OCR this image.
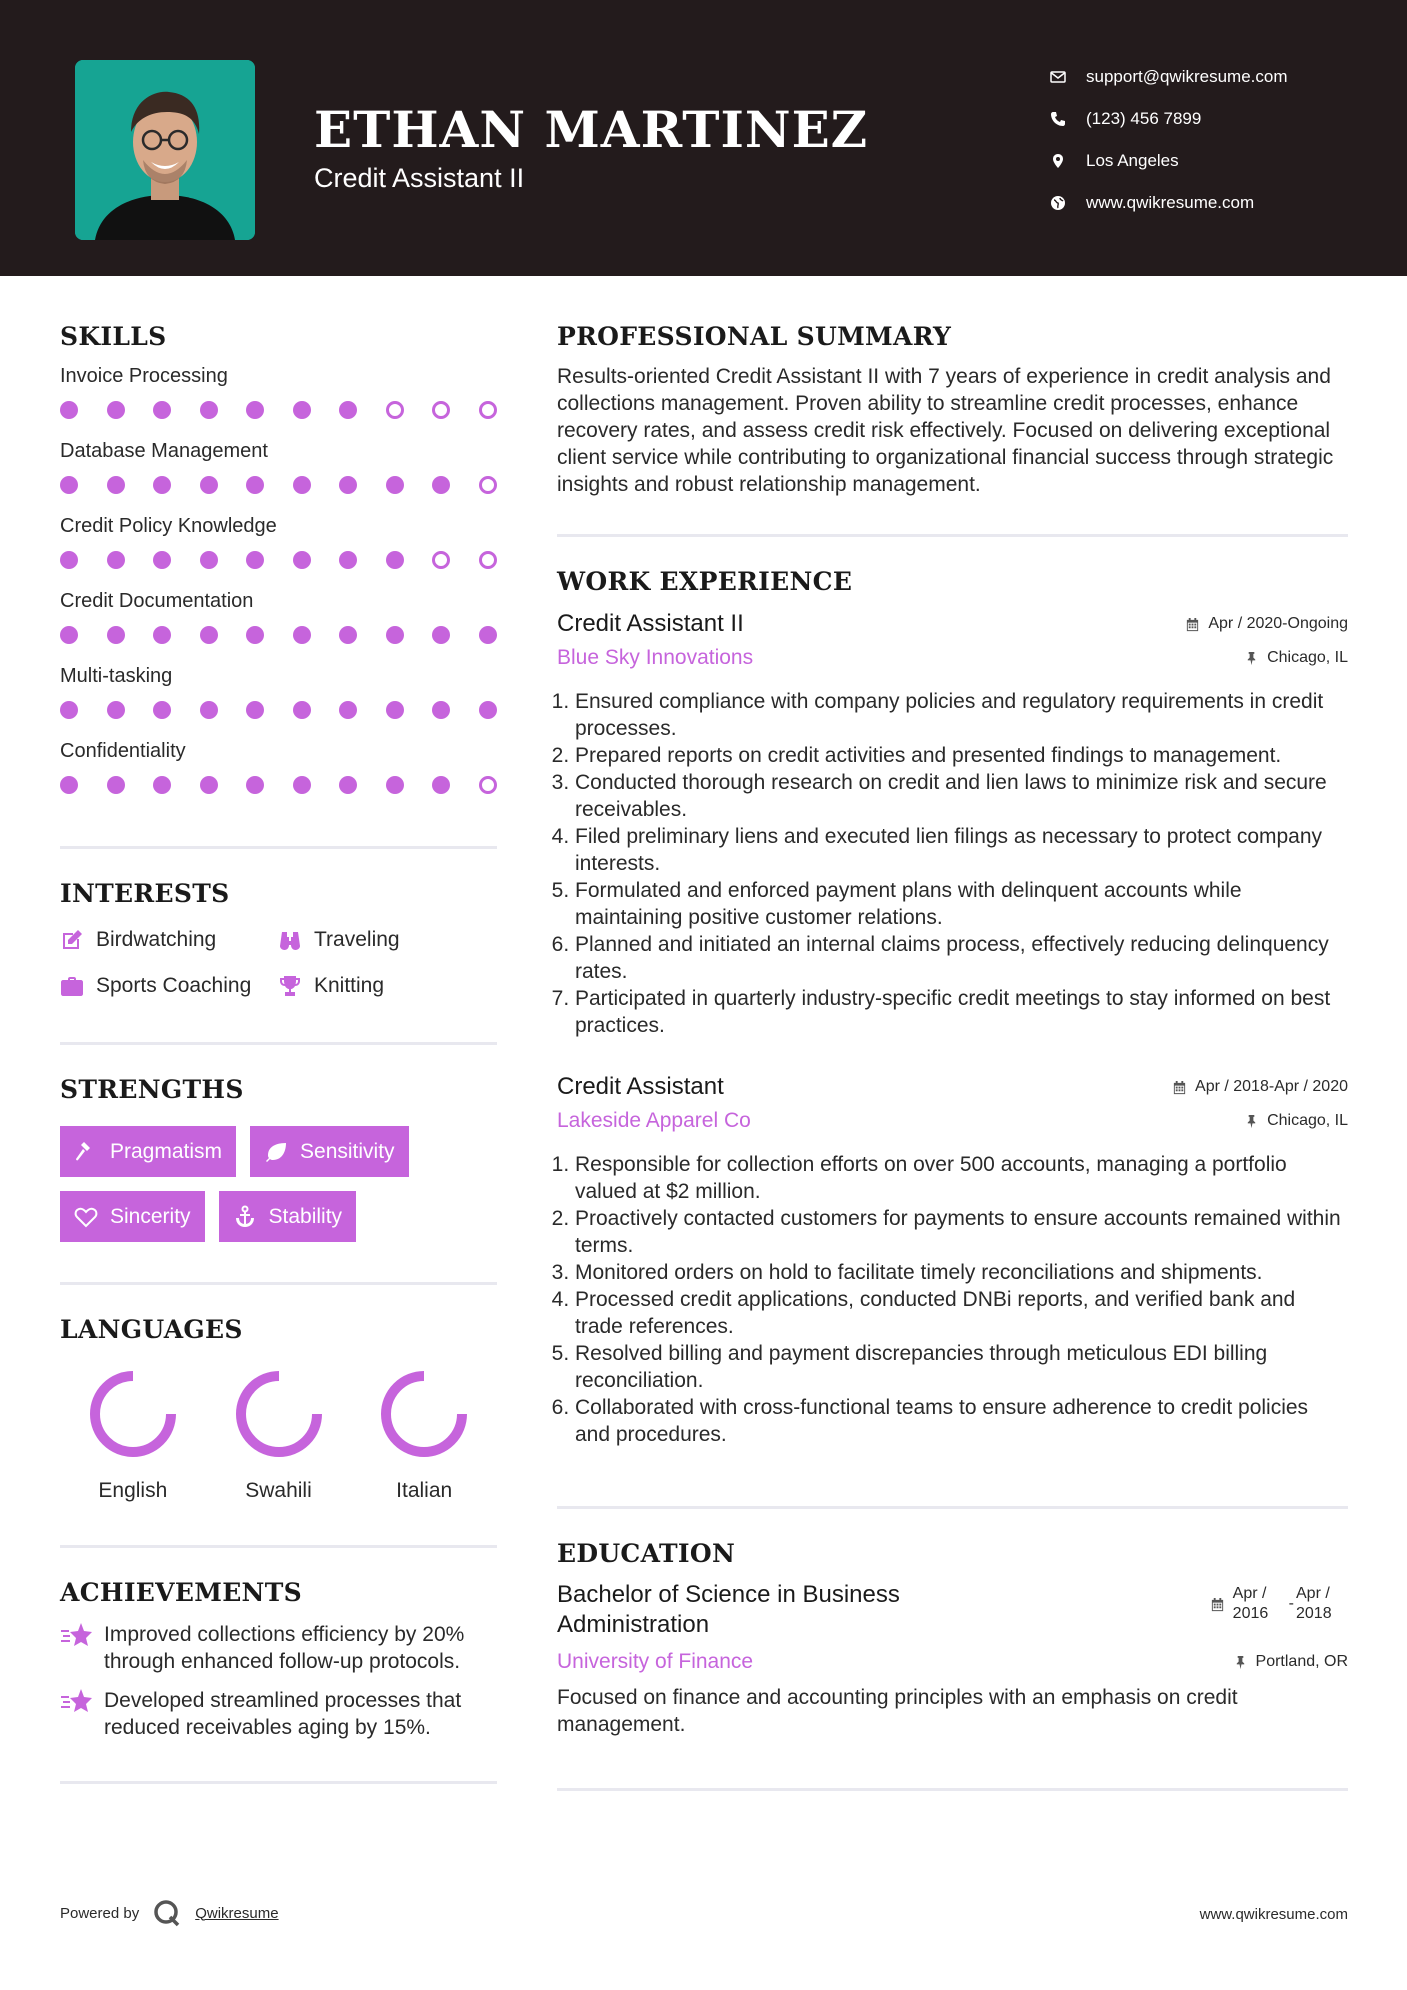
ETHAN MARTINEZ
Credit Assistant II
support@qwikresume.com
(123) 456 7899
Los Angeles
www.qwikresume.com
SKILLS
Invoice Processing
Database Management
Credit Policy Knowledge
Credit Documentation
Multi-tasking
Confidentiality
INTERESTS
Birdwatching	Traveling
Sports Coaching	Knitting
STRENGTHS
Pragmatism	Sensitivity
Sincerity	Stability
LANGUAGES
English	Swahili	Italian
ACHIEVEMENTS
Improved collections efficiency by 20% through enhanced follow-up protocols.
Developed streamlined processes that reduced receivables aging by 15%.
PROFESSIONAL SUMMARY
Results-oriented Credit Assistant II with 7 years of experience in credit analysis and collections management. Proven ability to streamline credit processes, enhance recovery rates, and assess credit risk effectively. Focused on delivering exceptional client service while contributing to organizational financial success through strategic insights and robust relationship management.
WORK EXPERIENCE
Credit Assistant II	Apr / 2020-Ongoing
Blue Sky Innovations	Chicago, IL
1. Ensured compliance with company policies and regulatory requirements in credit processes.
2. Prepared reports on credit activities and presented findings to management.
3. Conducted thorough research on credit and lien laws to minimize risk and secure receivables.
4. Filed preliminary liens and executed lien filings as necessary to protect company interests.
5. Formulated and enforced payment plans with delinquent accounts while maintaining positive customer relations.
6. Planned and initiated an internal claims process, effectively reducing delinquency rates.
7. Participated in quarterly industry-specific credit meetings to stay informed on best practices.
Credit Assistant	Apr / 2018-Apr / 2020
Lakeside Apparel Co	Chicago, IL
1. Responsible for collection efforts on over 500 accounts, managing a portfolio valued at $2 million.
2. Proactively contacted customers for payments to ensure accounts remained within terms.
3. Monitored orders on hold to facilitate timely reconciliations and shipments.
4. Processed credit applications, conducted DNBi reports, and verified bank and trade references.
5. Resolved billing and payment discrepancies through meticulous EDI billing reconciliation.
6. Collaborated with cross-functional teams to ensure adherence to credit policies and procedures.
EDUCATION
Bachelor of Science in Business Administration
Apr / 2016
-
Apr / 2018
University of Finance	Portland, OR
Focused on finance and accounting principles with an emphasis on credit management.
Powered by	Qwikresume	www.qwikresume.com
